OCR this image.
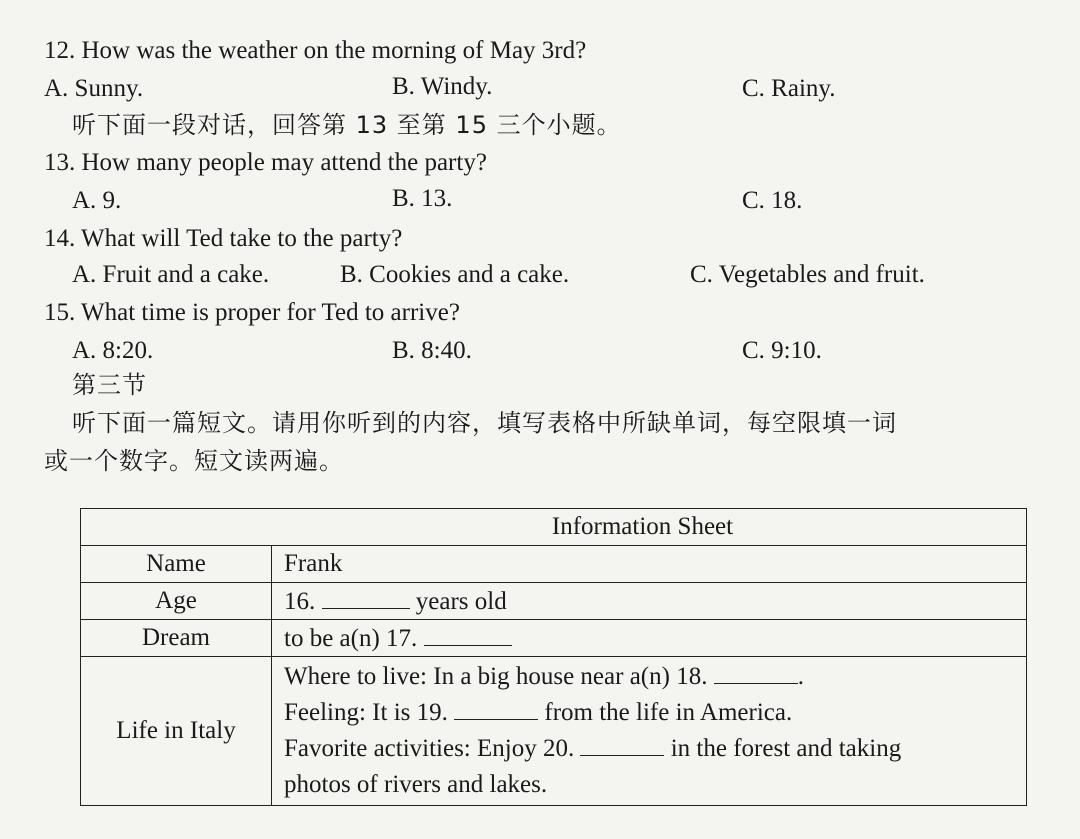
12. How was the weather on the morning of May 3rd?
A. Sunny.	B. Windy.	C. Rainy.
听下面一段对话，回答第 13 至第 15 三个小题。
13. How many people may attend the party?
A. 9.	B. 13.	C. 18.
14. What will Ted take to the party?
A. Fruit and a cake.	B. Cookies and a cake.	C. Vegetables and fruit.
15. What time is proper for Ted to arrive?
A. 8:20.	B. 8:40.	C. 9:10.
第三节
听下面一篇短文。请用你听到的内容，填写表格中所缺单词，每空限填一词
或一个数字。短文读两遍。
Information Sheet	
Name	Frank
Age	16. years old
Dream	to be a(n) 17.
Life in Italy	Where to live: In a big house near a(n) 18. .
Feeling: It is 19. from the life in America.
Favorite activities: Enjoy 20. in the forest and taking
photos of rivers and lakes.
